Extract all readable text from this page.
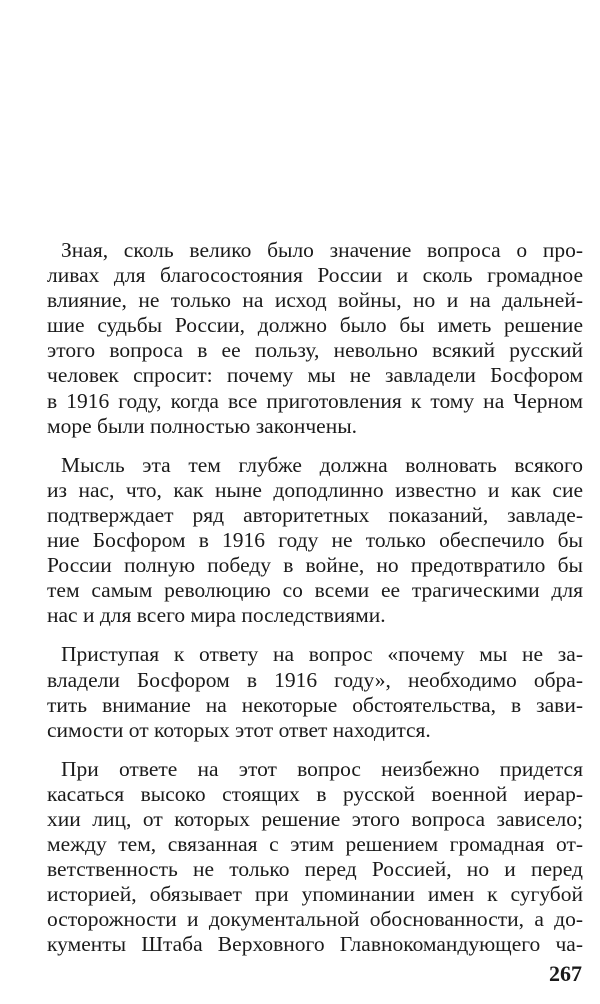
Зная, сколь велико было значение вопроса о про-
ливах для благосостояния России и сколь громадное
влияние, не только на исход войны, но и на дальней-
шие судьбы России, должно было бы иметь решение
этого вопроса в ее пользу, невольно всякий русский
человек спросит: почему мы не завладели Босфором
в 1916 году, когда все приготовления к тому на Черном
море были полностью закончены.
Мысль эта тем глубже должна волновать всякого
из нас, что, как ныне доподлинно известно и как сие
подтверждает ряд авторитетных показаний, завладе-
ние Босфором в 1916 году не только обеспечило бы
России полную победу в войне, но предотвратило бы
тем самым революцию со всеми ее трагическими для
нас и для всего мира последствиями.
Приступая к ответу на вопрос «почему мы не за-
владели Босфором в 1916 году», необходимо обра-
тить внимание на некоторые обстоятельства, в зави-
симости от которых этот ответ находится.
При ответе на этот вопрос неизбежно придется
касаться высоко стоящих в русской военной иерар-
хии лиц, от которых решение этого вопроса зависело;
между тем, связанная с этим решением громадная от-
ветственность не только перед Россией, но и перед
историей, обязывает при упоминании имен к сугубой
осторожности и документальной обоснованности, а до-
кументы Штаба Верховного Главнокомандующего ча-
267
